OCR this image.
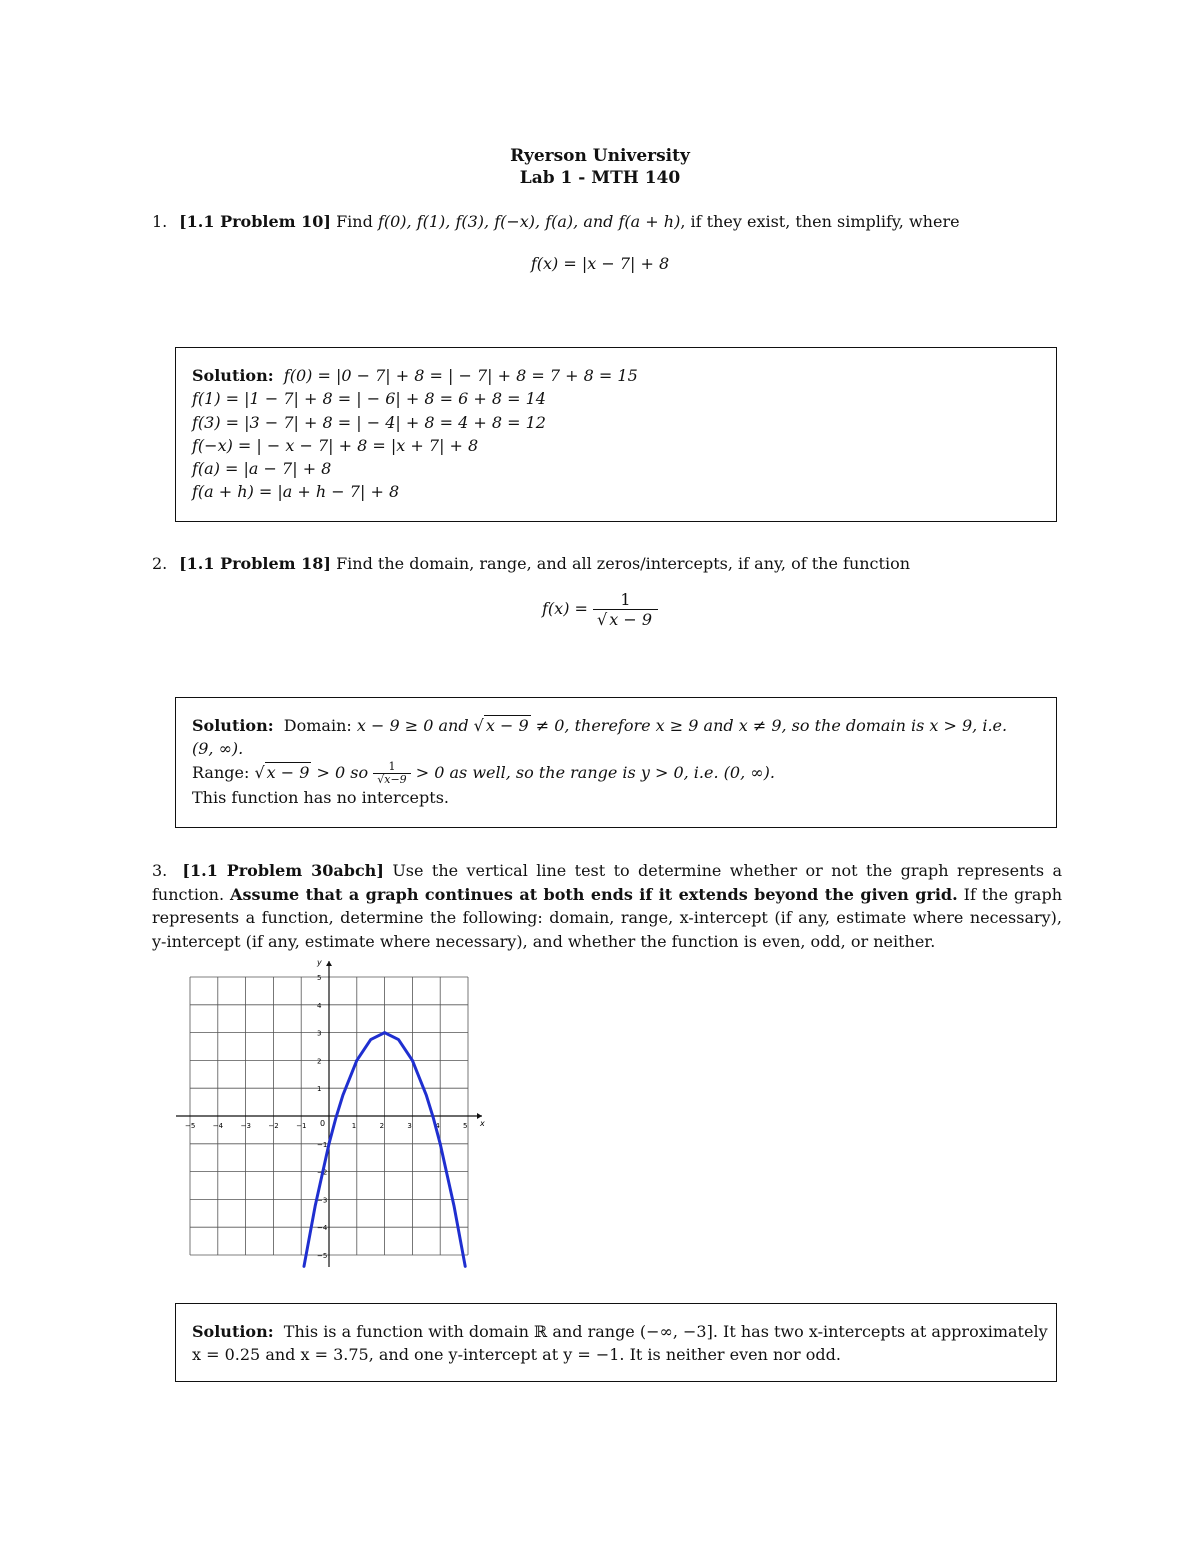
Ryerson University
Lab 1 - MTH 140
1. [1.1 Problem 10] Find f(0), f(1), f(3), f(−x), f(a), and f(a + h), if they exist, then simplify, where
f(x) = |x − 7| + 8
Solution: f(0) = |0 − 7| + 8 = | − 7| + 8 = 7 + 8 = 15
f(1) = |1 − 7| + 8 = | − 6| + 8 = 6 + 8 = 14
f(3) = |3 − 7| + 8 = | − 4| + 8 = 4 + 8 = 12
f(−x) = | − x − 7| + 8 = |x + 7| + 8
f(a) = |a − 7| + 8
f(a + h) = |a + h − 7| + 8
2. [1.1 Problem 18] Find the domain, range, and all zeros/intercepts, if any, of the function
$f(x) = \frac{1}{√ x - 9}$
Solution: Domain: x − 9 ≥ 0 and √ x − 9 ≠ 0, therefore x ≥ 9 and x ≠ 9, so the domain is x > 9, i.e.
(9, ∞).
Range: √ x − 9 > 0 so $\frac{1}{√x-9} > 0$ as well, so the range is y > 0, i.e. (0, ∞).
This function has no intercepts.
3. [1.1 Problem 30abch] Use the vertical line test to determine whether or not the graph represents a function. Assume that a graph continues at both ends if it extends beyond the given grid. If the graph represents a function, determine the following: domain, range, x-intercept (if any, estimate where necessary), y-intercept (if any, estimate where necessary), and whether the function is even, odd, or neither.
−5 −4 −3 −2 −1	1	2	3	4	5
5
4
3
2
1
−1
−2
−3
−4
−5
x
y
0
Solution: This is a function with domain ℝ and range (−∞, −3]. It has two x-intercepts at approximately
x = 0.25 and x = 3.75, and one y-intercept at y = −1. It is neither even nor odd.
